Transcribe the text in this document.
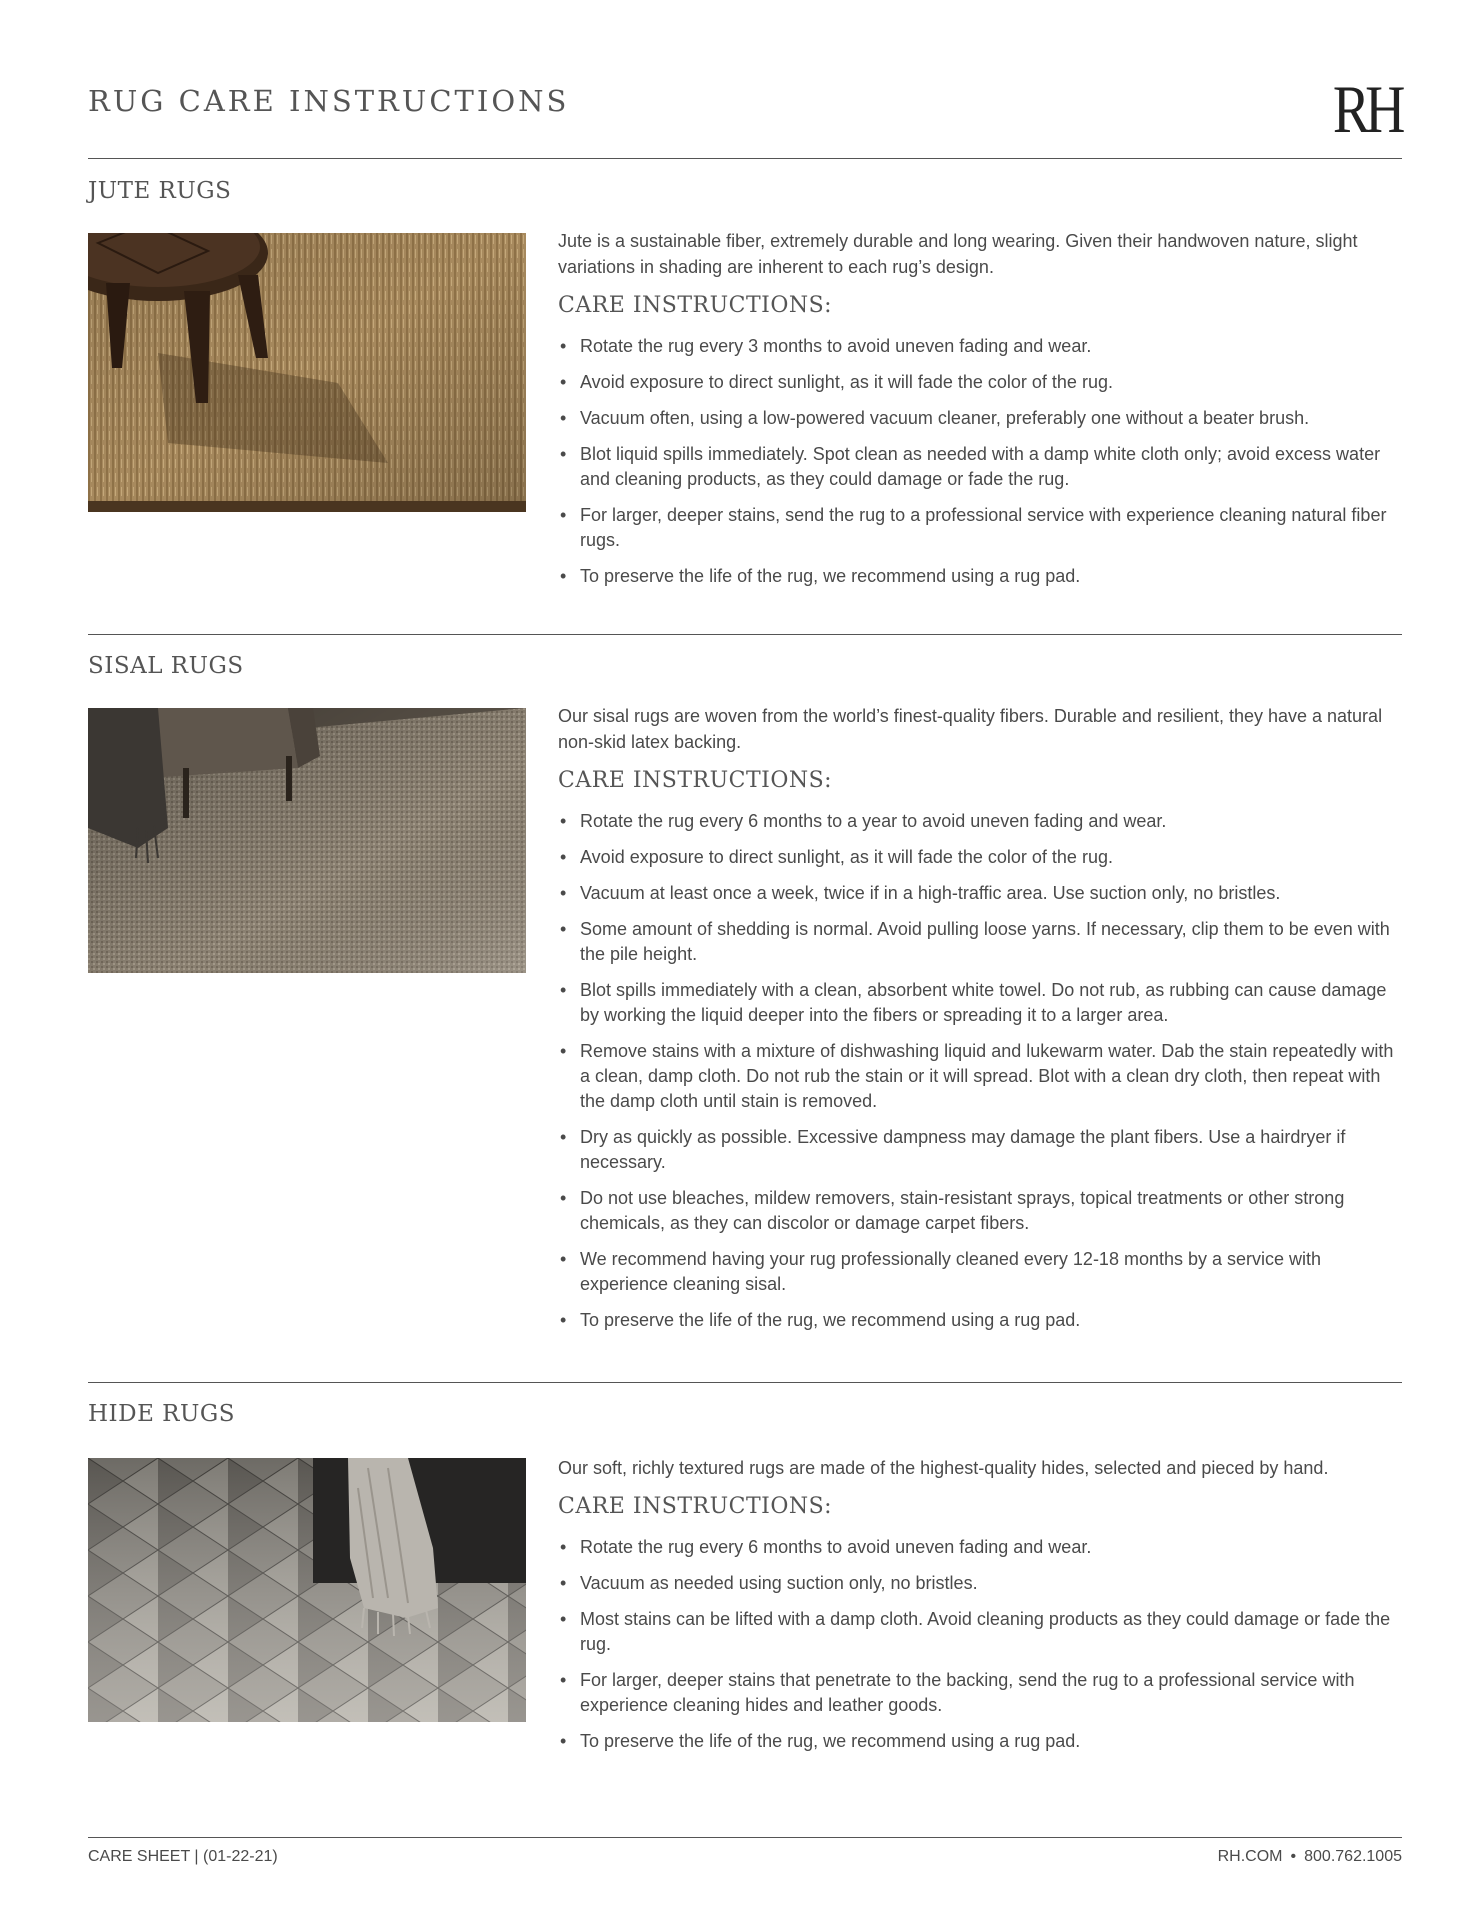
RUG CARE INSTRUCTIONS	RH
JUTE RUGS

Jute is a sustainable fiber, extremely durable and long wearing. Given their handwoven nature, slight variations in shading are inherent to each rug’s design.

CARE INSTRUCTIONS:
• Rotate the rug every 3 months to avoid uneven fading and wear.
• Avoid exposure to direct sunlight, as it will fade the color of the rug.
• Vacuum often, using a low-powered vacuum cleaner, preferably one without a beater brush.
• Blot liquid spills immediately. Spot clean as needed with a damp white cloth only; avoid excess water and cleaning products, as they could damage or fade the rug.
• For larger, deeper stains, send the rug to a professional service with experience cleaning natural fiber rugs.
• To preserve the life of the rug, we recommend using a rug pad.
SISAL RUGS

Our sisal rugs are woven from the world’s finest-quality fibers. Durable and resilient, they have a natural non-skid latex backing.

CARE INSTRUCTIONS:
• Rotate the rug every 6 months to a year to avoid uneven fading and wear.
• Avoid exposure to direct sunlight, as it will fade the color of the rug.
• Vacuum at least once a week, twice if in a high-traffic area. Use suction only, no bristles.
• Some amount of shedding is normal. Avoid pulling loose yarns. If necessary, clip them to be even with the pile height.
• Blot spills immediately with a clean, absorbent white towel. Do not rub, as rubbing can cause damage by working the liquid deeper into the fibers or spreading it to a larger area.
• Remove stains with a mixture of dishwashing liquid and lukewarm water. Dab the stain repeatedly with a clean, damp cloth. Do not rub the stain or it will spread. Blot with a clean dry cloth, then repeat with the damp cloth until stain is removed.
• Dry as quickly as possible. Excessive dampness may damage the plant fibers. Use a hairdryer if necessary.
• Do not use bleaches, mildew removers, stain-resistant sprays, topical treatments or other strong chemicals, as they can discolor or damage carpet fibers.
• We recommend having your rug professionally cleaned every 12-18 months by a service with experience cleaning sisal.
• To preserve the life of the rug, we recommend using a rug pad.
HIDE RUGS

Our soft, richly textured rugs are made of the highest-quality hides, selected and pieced by hand.

CARE INSTRUCTIONS:
• Rotate the rug every 6 months to avoid uneven fading and wear.
• Vacuum as needed using suction only, no bristles.
• Most stains can be lifted with a damp cloth. Avoid cleaning products as they could damage or fade the rug.
• For larger, deeper stains that penetrate to the backing, send the rug to a professional service with experience cleaning hides and leather goods.
• To preserve the life of the rug, we recommend using a rug pad.
CARE SHEET | (01-22-21)	RH.COM • 800.762.1005
